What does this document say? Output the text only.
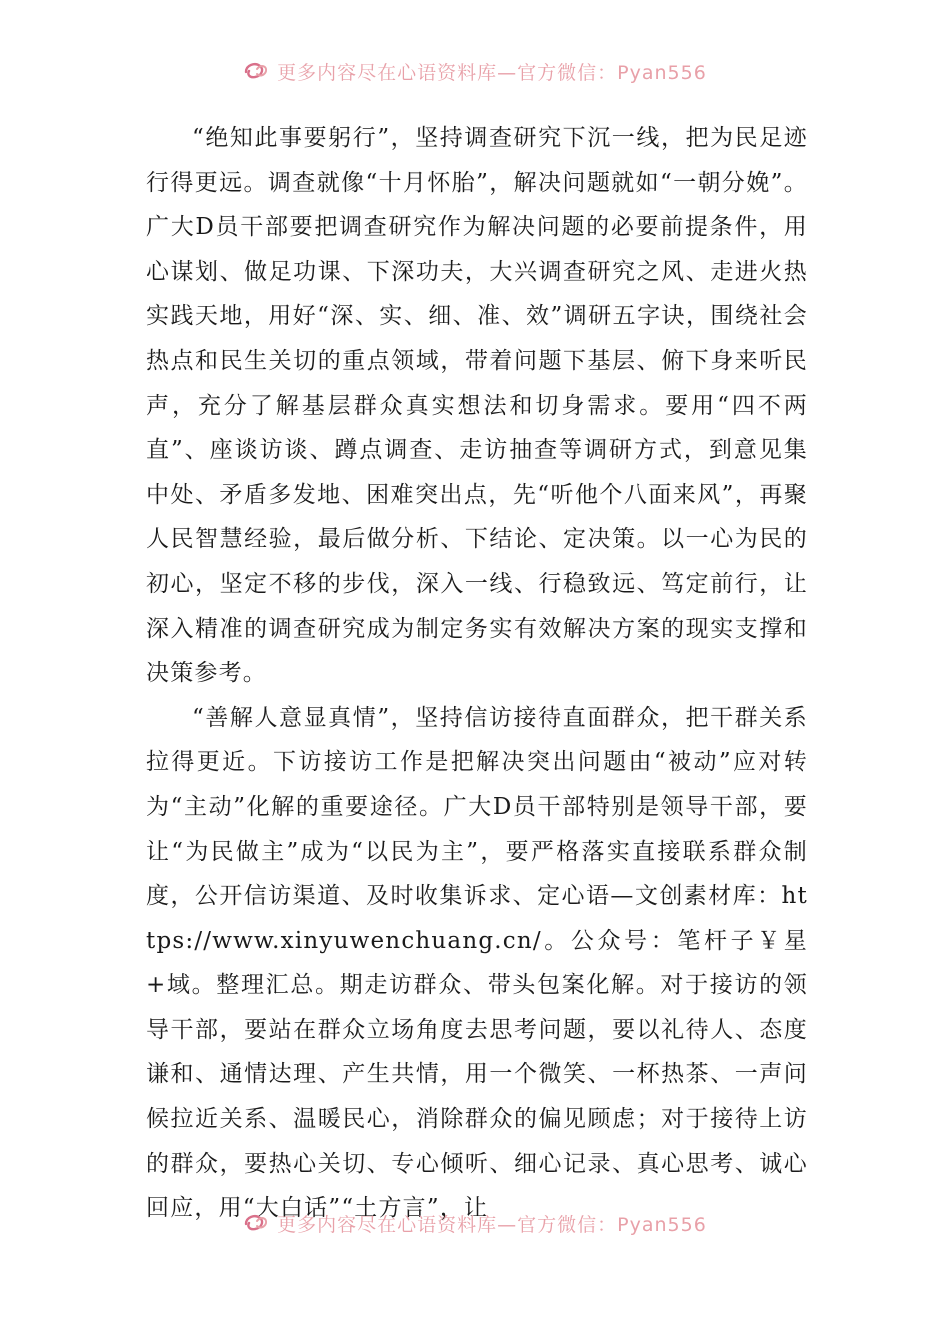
更多内容尽在心语资料库—官方微信：Pyan556

“绝知此事要躬行”，坚持调查研究下沉一线，把为民足迹行得更远。调查就像“十月怀胎”，解决问题就如“一朝分娩”。广大D员干部要把调查研究作为解决问题的必要前提条件，用心谋划、做足功课、下深功夫，大兴调查研究之风、走进火热实践天地，用好“深、实、细、准、效”调研五字诀，围绕社会热点和民生关切的重点领域，带着问题下基层、俯下身来听民声，充分了解基层群众真实想法和切身需求。要用“四不两直”、座谈访谈、蹲点调查、走访抽查等调研方式，到意见集中处、矛盾多发地、困难突出点，先“听他个八面来风”，再聚人民智慧经验，最后做分析、下结论、定决策。以一心为民的初心，坚定不移的步伐，深入一线、行稳致远、笃定前行，让深入精准的调查研究成为制定务实有效解决方案的现实支撑和决策参考。

“善解人意显真情”，坚持信访接待直面群众，把干群关系拉得更近。下访接访工作是把解决突出问题由“被动”应对转为“主动”化解的重要途径。广大D员干部特别是领导干部，要让“为民做主”成为“以民为主”，要严格落实直接联系群众制度，公开信访渠道、及时收集诉求、定心语—文创素材库：https://www.xinyuwenchuang.cn/。公众号：笔杆子￥星+域。整理汇总。期走访群众、带头包案化解。对于接访的领导干部，要站在群众立场角度去思考问题，要以礼待人、态度谦和、通情达理、产生共情，用一个微笑、一杯热茶、一声问候拉近关系、温暖民心，消除群众的偏见顾虑；对于接待上访的群众，要热心关切、专心倾听、细心记录、真心思考、诚心回应，用“大白话”“土方言”，让

更多内容尽在心语资料库—官方微信：Pyan556
